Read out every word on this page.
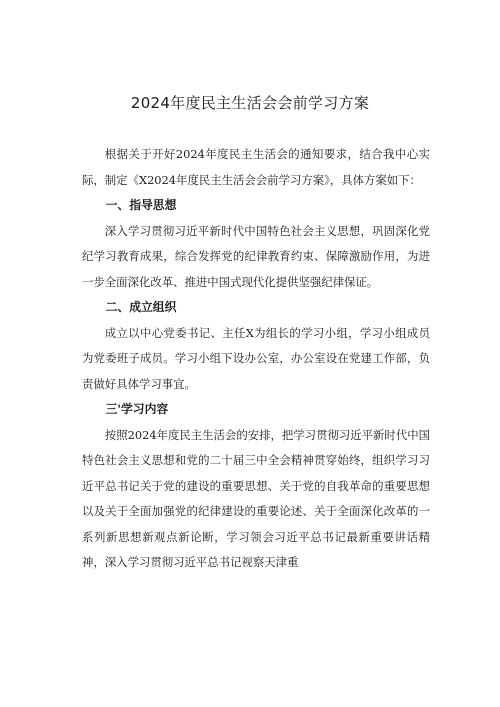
2024年度民主生活会会前学习方案

根据关于开好2024年度民主生活会的通知要求，结合我中心实际，制定《X2024年度民主生活会会前学习方案》，具体方案如下：

一、指导思想

深入学习贯彻习近平新时代中国特色社会主义思想，巩固深化党纪学习教育成果，综合发挥党的纪律教育约束、保障激励作用，为进一步全面深化改革、推进中国式现代化提供坚强纪律保证。

二、成立组织

成立以中心党委书记、主任X为组长的学习小组，学习小组成员为党委班子成员。学习小组下设办公室，办公室设在党建工作部，负责做好具体学习事宜。

三'学习内容

按照2024年度民主生活会的安排，把学习贯彻习近平新时代中国特色社会主义思想和党的二十届三中全会精神贯穿始终，组织学习习近平总书记关于党的建设的重要思想、关于党的自我革命的重要思想以及关于全面加强党的纪律建设的重要论述、关于全面深化改革的一系列新思想新观点新论断，学习领会习近平总书记最新重要讲话精神，深入学习贯彻习近平总书记视察天津重
